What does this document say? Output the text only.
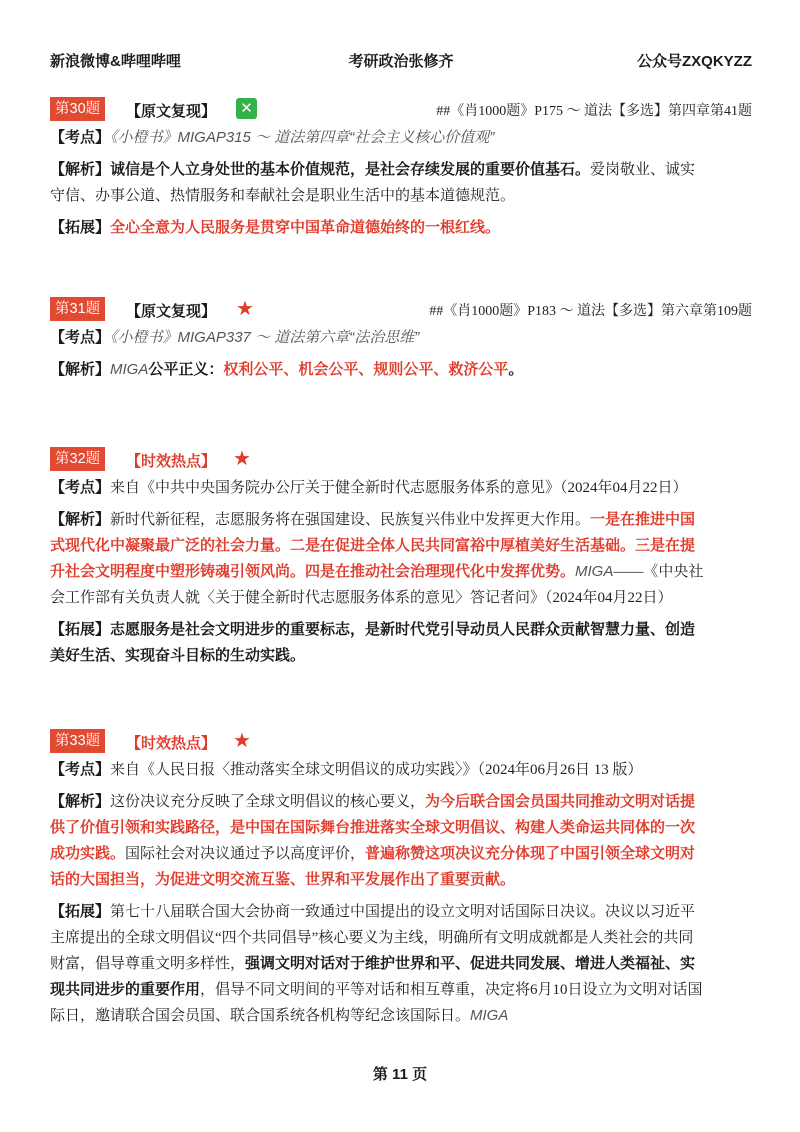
新浪微博&哔哩哔哩	考研政治张修齐	公众号ZXQKYZZ
第30题	【原文复现】 ✕	##《肖1000题》P175 ～ 道法【多选】第四章第41题
【考点】《小橙书》MIGAP315 ～ 道法第四章“社会主义核心价值观”
【解析】诚信是个人立身处世的基本价值规范，是社会存续发展的重要价值基石。爱岗敬业、诚实
守信、办事公道、热情服务和奉献社会是职业生活中的基本道德规范。
【拓展】全心全意为人民服务是贯穿中国革命道德始终的一根红线。
第31题	【原文复现】 ★	##《肖1000题》P183 ～ 道法【多选】第六章第109题
【考点】《小橙书》MIGAP337 ～ 道法第六章“法治思维”
【解析】MIGA公平正义：权利公平、机会公平、规则公平、救济公平。
第32题	【时效热点】 ★
【考点】来自《中共中央国务院办公厅关于健全新时代志愿服务体系的意见》（2024年04月22日）
【解析】新时代新征程，志愿服务将在强国建设、民族复兴伟业中发挥更大作用。一是在推进中国
式现代化中凝聚最广泛的社会力量。二是在促进全体人民共同富裕中厚植美好生活基础。三是在提
升社会文明程度中塑形铸魂引领风尚。四是在推动社会治理现代化中发挥优势。MIGA——《中央社
会工作部有关负责人就〈关于健全新时代志愿服务体系的意见〉答记者问》（2024年04月22日）
【拓展】志愿服务是社会文明进步的重要标志，是新时代党引导动员人民群众贡献智慧力量、创造
美好生活、实现奋斗目标的生动实践。
第33题	【时效热点】 ★
【考点】来自《人民日报〈推动落实全球文明倡议的成功实践〉》（2024年06月26日 13 版）
【解析】这份决议充分反映了全球文明倡议的核心要义，为今后联合国会员国共同推动文明对话提
供了价值引领和实践路径，是中国在国际舞台推进落实全球文明倡议、构建人类命运共同体的一次
成功实践。国际社会对决议通过予以高度评价，普遍称赞这项决议充分体现了中国引领全球文明对
话的大国担当，为促进文明交流互鉴、世界和平发展作出了重要贡献。
【拓展】第七十八届联合国大会协商一致通过中国提出的设立文明对话国际日决议。决议以习近平
主席提出的全球文明倡议“四个共同倡导”核心要义为主线，明确所有文明成就都是人类社会的共同
财富，倡导尊重文明多样性，强调文明对话对于维护世界和平、促进共同发展、增进人类福祉、实
现共同进步的重要作用，倡导不同文明间的平等对话和相互尊重，决定将6月10日设立为文明对话国
际日，邀请联合国会员国、联合国系统各机构等纪念该国际日。MIGA
第 11 页
